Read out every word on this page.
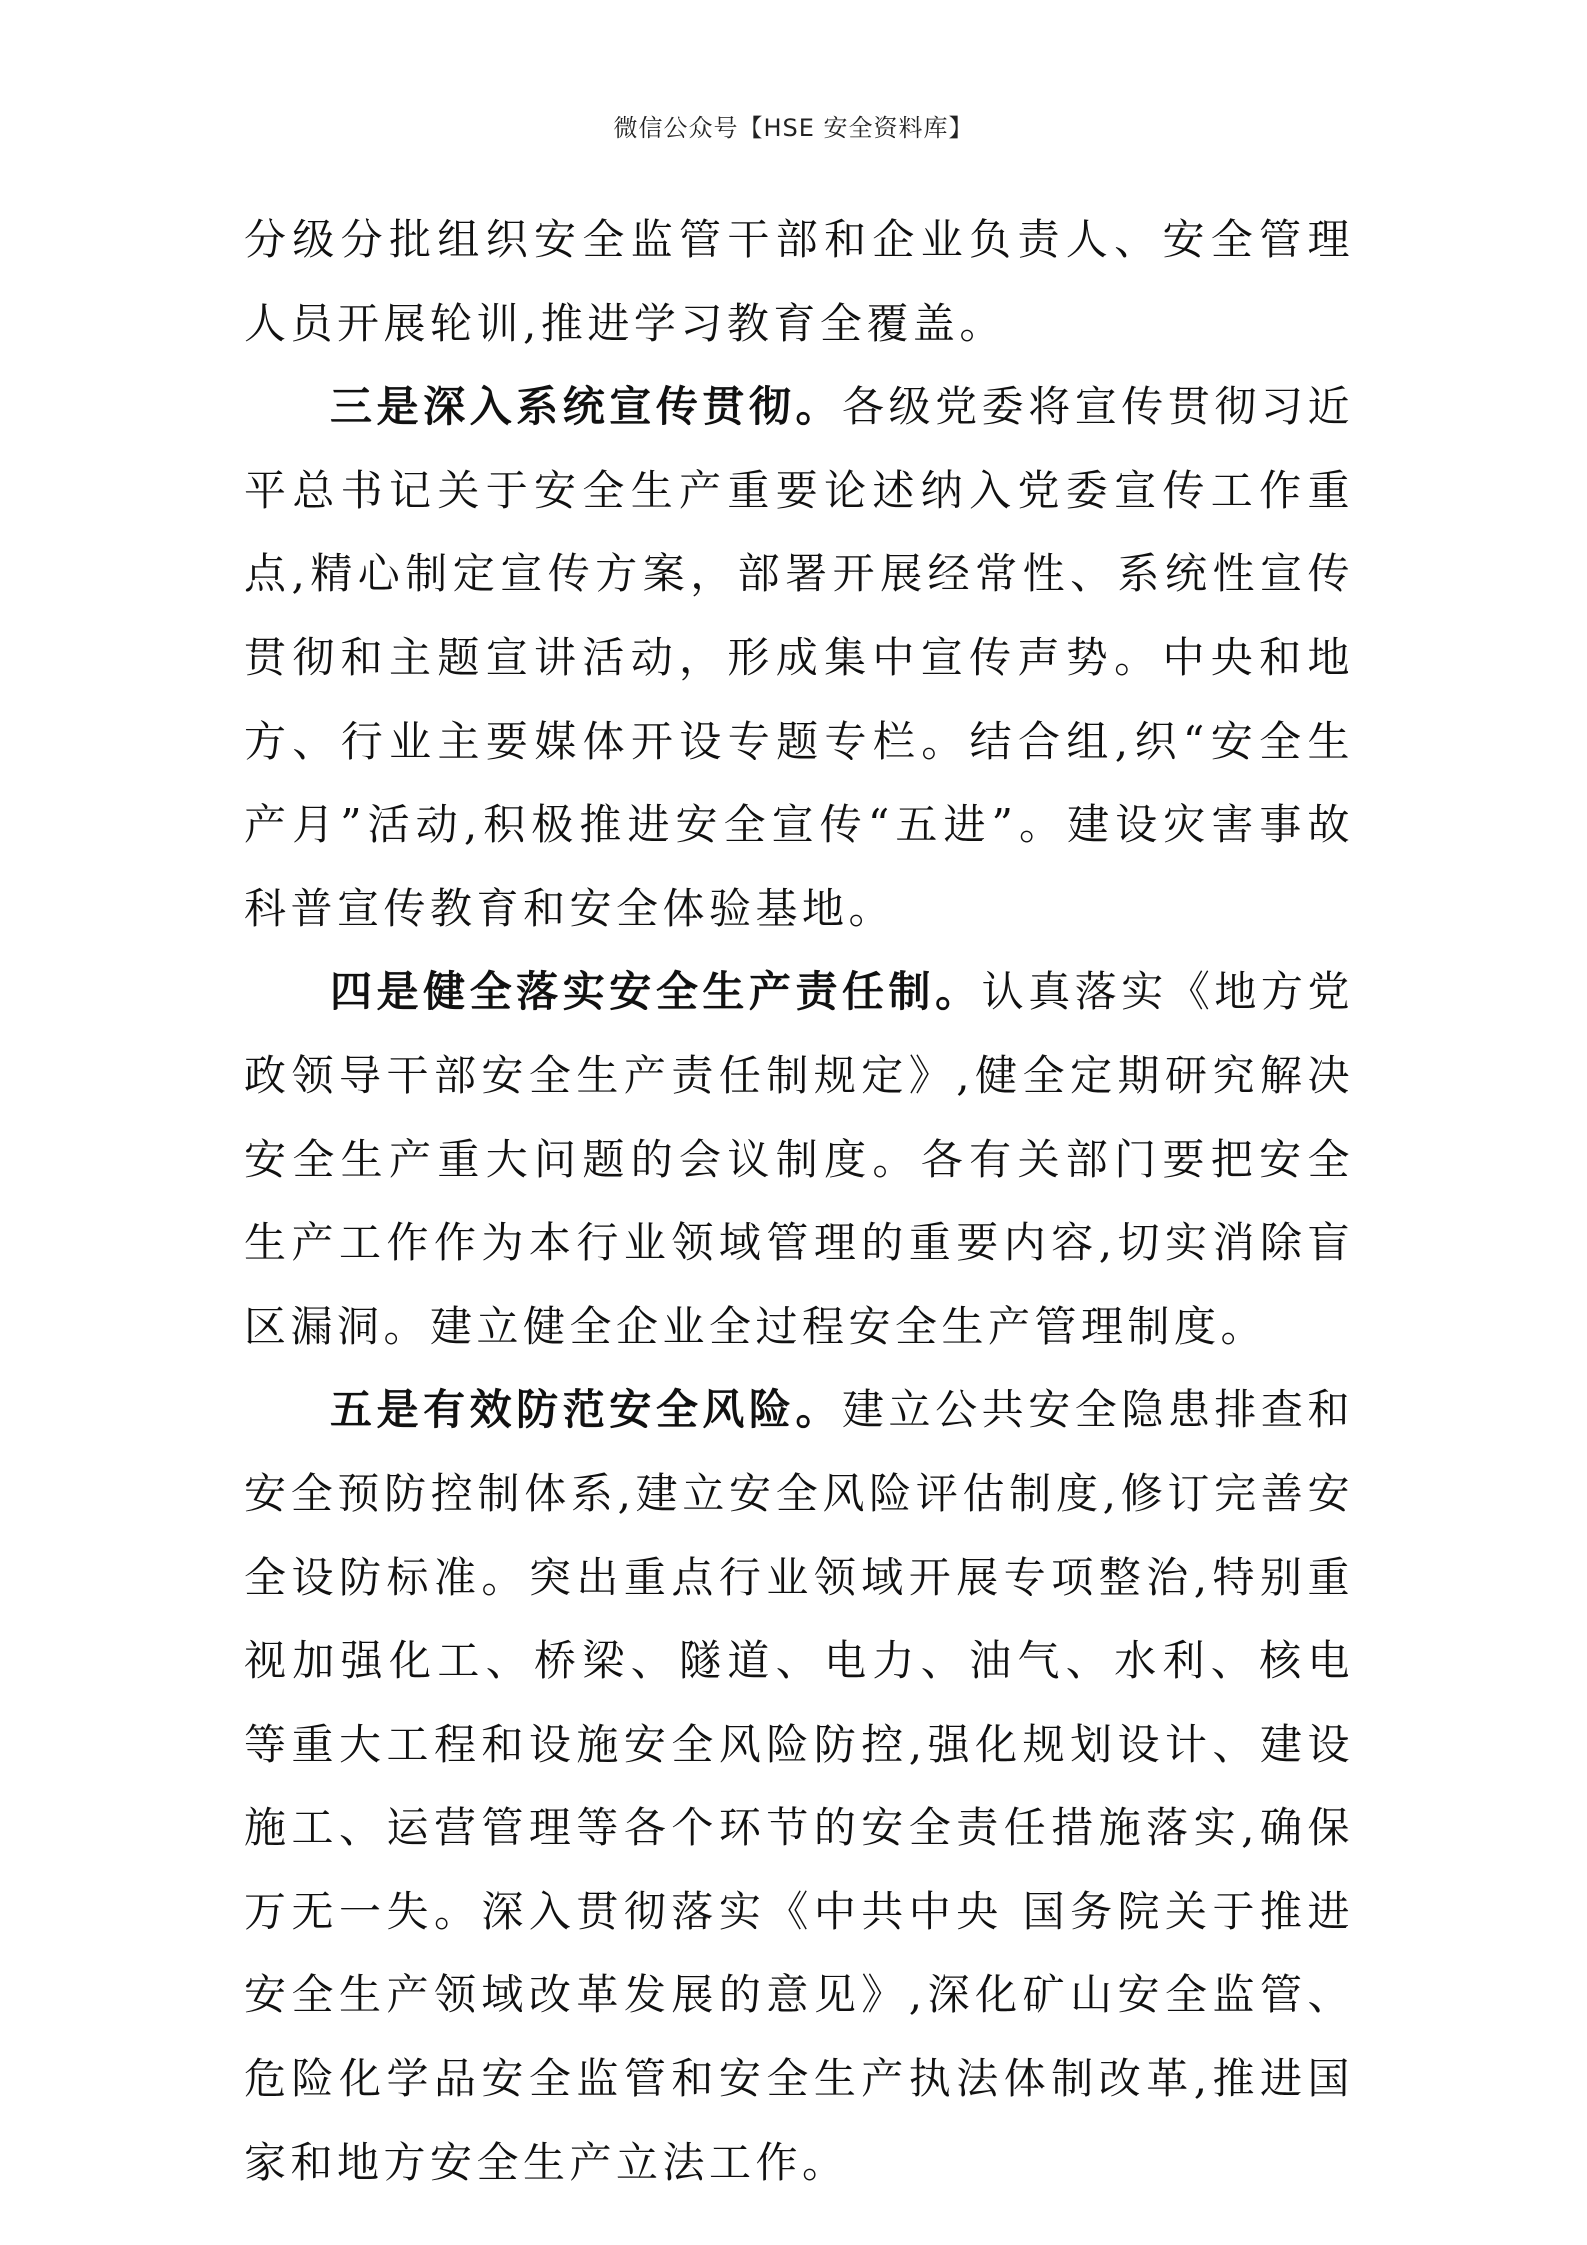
微信公众号【HSE 安全资料库】

分级分批组织安全监管干部和企业负责人、安全管理人员开展轮训,推进学习教育全覆盖。

三是深入系统宣传贯彻。各级党委将宣传贯彻习近平总书记关于安全生产重要论述纳入党委宣传工作重点,精心制定宣传方案，部署开展经常性、系统性宣传贯彻和主题宣讲活动，形成集中宣传声势。中央和地方、行业主要媒体开设专题专栏。结合组,织“安全生产月”活动,积极推进安全宣传“五进”。建设灾害事故科普宣传教育和安全体验基地。

四是健全落实安全生产责任制。认真落实《地方党政领导干部安全生产责任制规定》,健全定期研究解决安全生产重大问题的会议制度。各有关部门要把安全生产工作作为本行业领域管理的重要内容,切实消除盲区漏洞。建立健全企业全过程安全生产管理制度。

五是有效防范安全风险。建立公共安全隐患排查和安全预防控制体系,建立安全风险评估制度,修订完善安全设防标准。突出重点行业领域开展专项整治,特别重视加强化工、桥梁、隧道、电力、油气、水利、核电等重大工程和设施安全风险防控,强化规划设计、建设施工、运营管理等各个环节的安全责任措施落实,确保万无一失。深入贯彻落实《中共中央 国务院关于推进安全生产领域改革发展的意见》,深化矿山安全监管、危险化学品安全监管和安全生产执法体制改革,推进国家和地方安全生产立法工作。
